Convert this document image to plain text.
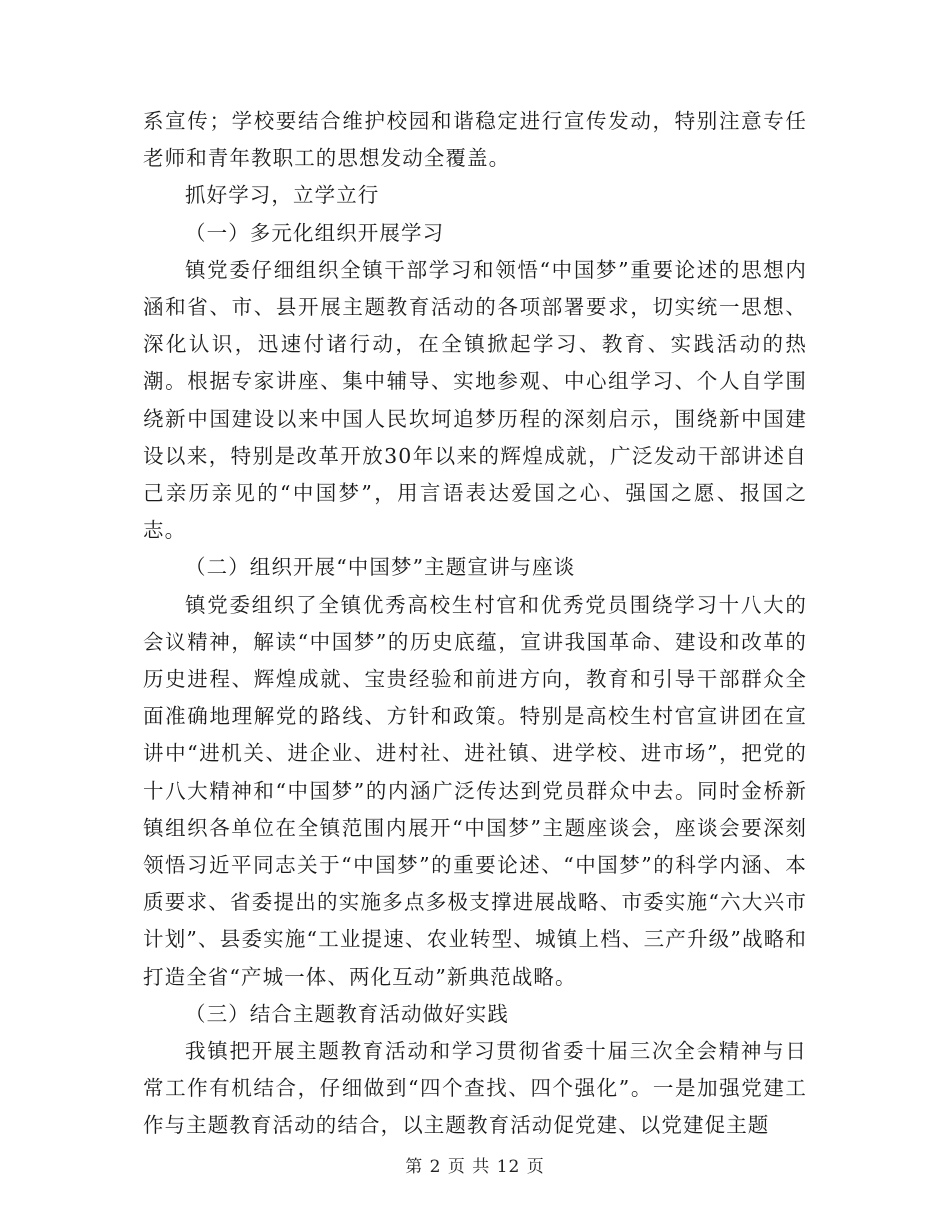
系宣传；学校要结合维护校园和谐稳定进行宣传发动，特别注意专任老师和青年教职工的思想发动全覆盖。

抓好学习，立学立行

（一）多元化组织开展学习

镇党委仔细组织全镇干部学习和领悟“中国梦”重要论述的思想内涵和省、市、县开展主题教育活动的各项部署要求，切实统一思想、深化认识，迅速付诸行动，在全镇掀起学习、教育、实践活动的热潮。根据专家讲座、集中辅导、实地参观、中心组学习、个人自学围绕新中国建设以来中国人民坎坷追梦历程的深刻启示，围绕新中国建设以来，特别是改革开放30年以来的辉煌成就，广泛发动干部讲述自己亲历亲见的“中国梦”，用言语表达爱国之心、强国之愿、报国之志。

（二）组织开展“中国梦”主题宣讲与座谈

镇党委组织了全镇优秀高校生村官和优秀党员围绕学习十八大的会议精神，解读“中国梦”的历史底蕴，宣讲我国革命、建设和改革的历史进程、辉煌成就、宝贵经验和前进方向，教育和引导干部群众全面准确地理解党的路线、方针和政策。特别是高校生村官宣讲团在宣讲中“进机关、进企业、进村社、进社镇、进学校、进市场”，把党的十八大精神和“中国梦”的内涵广泛传达到党员群众中去。同时金桥新镇组织各单位在全镇范围内展开“中国梦”主题座谈会，座谈会要深刻领悟习近平同志关于“中国梦”的重要论述、“中国梦”的科学内涵、本质要求、省委提出的实施多点多极支撑进展战略、市委实施“六大兴市计划”、县委实施“工业提速、农业转型、城镇上档、三产升级”战略和打造全省“产城一体、两化互动”新典范战略。

（三）结合主题教育活动做好实践

我镇把开展主题教育活动和学习贯彻省委十届三次全会精神与日常工作有机结合，仔细做到“四个查找、四个强化”。一是加强党建工作与主题教育活动的结合，以主题教育活动促党建、以党建促主题

第 2 页 共 12 页
